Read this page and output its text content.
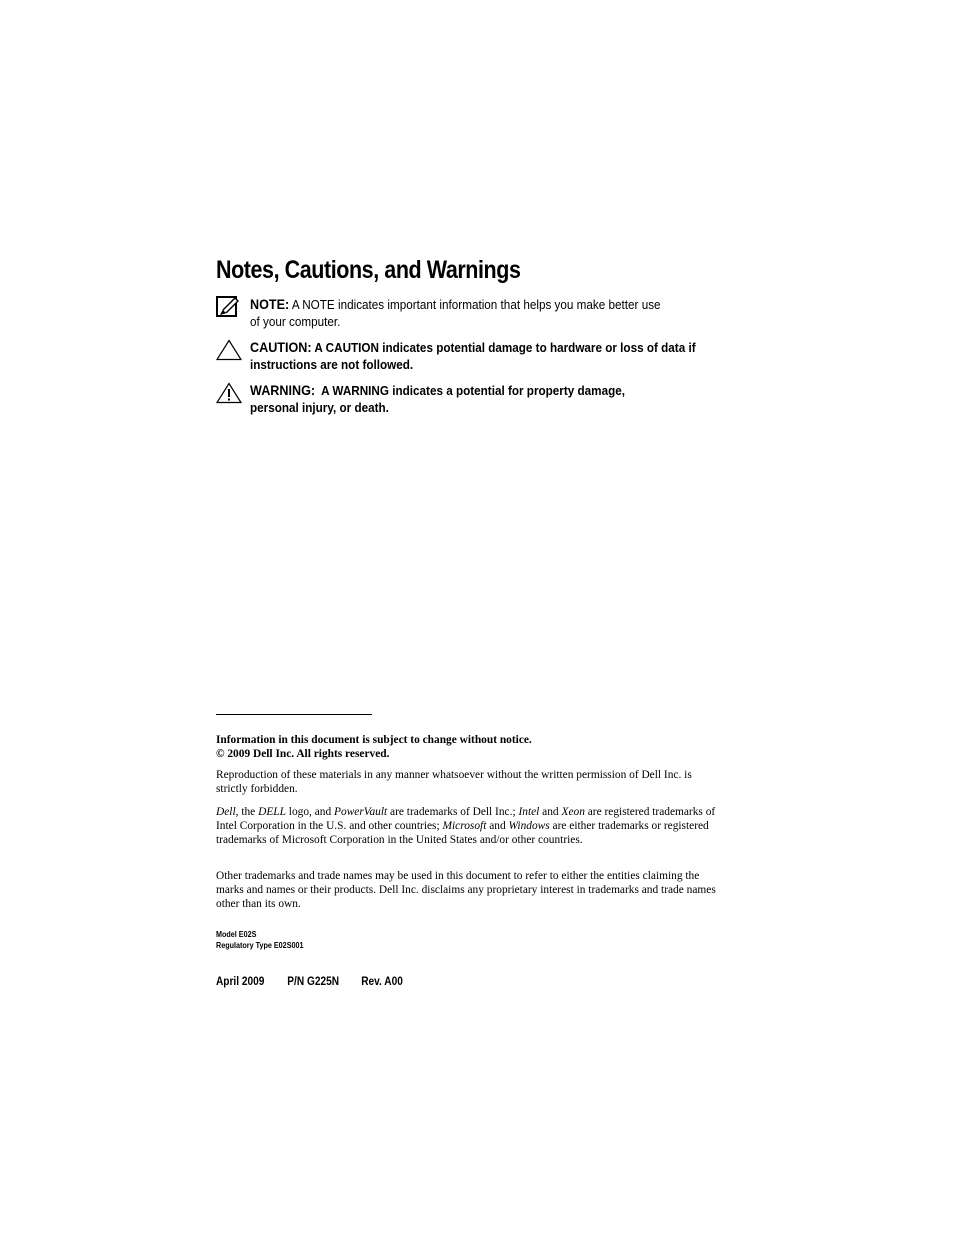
Notes, Cautions, and Warnings
NOTE: A NOTE indicates important information that helps you make better use
of your computer.
CAUTION: A CAUTION indicates potential damage to hardware or loss of data if
instructions are not followed.
WARNING: A WARNING indicates a potential for property damage,
personal injury, or death.

Information in this document is subject to change without notice.

© 2009 Dell Inc. All rights reserved.

Reproduction of these materials in any manner whatsoever without the written permission of Dell Inc. is strictly forbidden.

Dell, the DELL logo, and PowerVault are trademarks of Dell Inc.; Intel and Xeon are registered trademarks of Intel Corporation in the U.S. and other countries; Microsoft and Windows are either trademarks or registered trademarks of Microsoft Corporation in the United States and/or other countries.

Other trademarks and trade names may be used in this document to refer to either the entities claiming the marks and names or their products. Dell Inc. disclaims any proprietary interest in trademarks and trade names other than its own.

Model E02S
Regulatory Type E02S001
April 2009 P/N G225N Rev. A00
